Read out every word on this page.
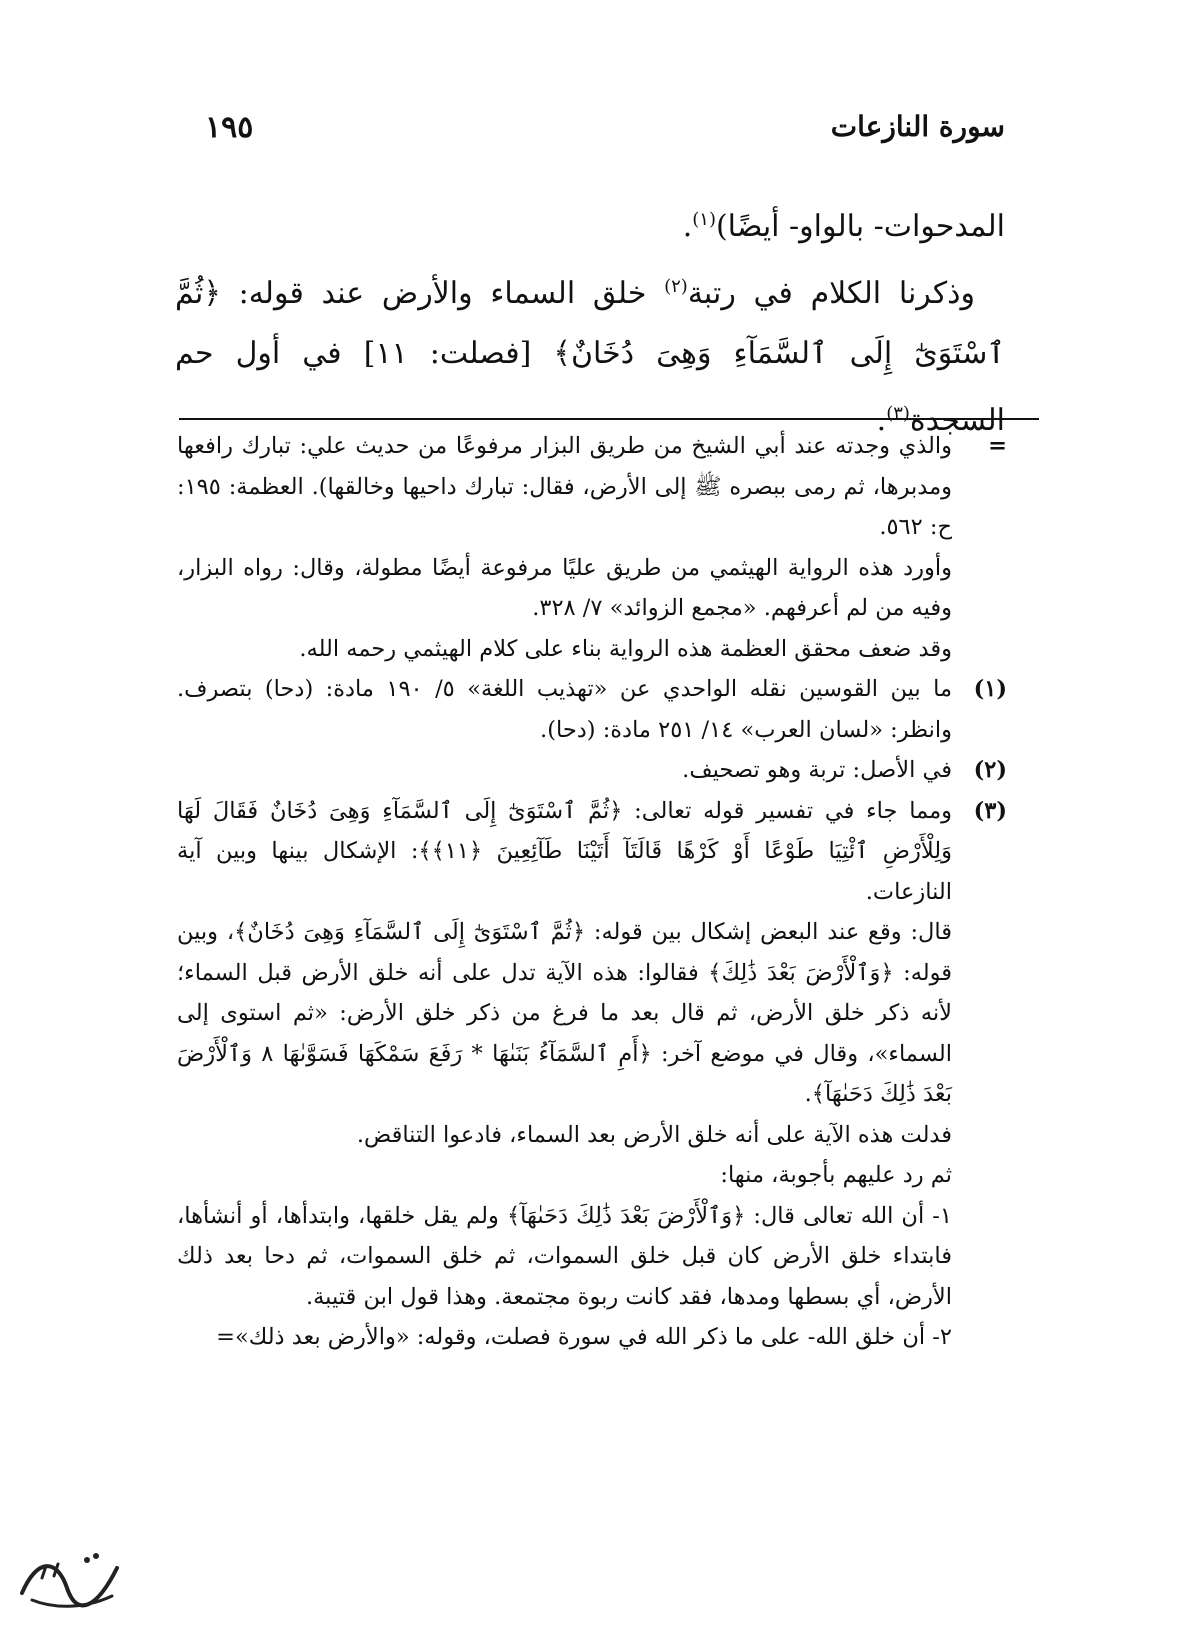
سورة النازعات
١٩٥

المدحوات- بالواو- أيضًا)$^{(١)}$.

وذكرنا الكلام في رتبة$^{(٢)}$ خلق السماء والأرض عند قوله: ﴿ثُمَّ ٱسْتَوَىٰٓ إِلَى ٱلسَّمَآءِ وَهِىَ دُخَانٌ﴾ [فصلت: ١١] في أول حم السجدة$^{(٣)}$.

=

والذي وجدته عند أبي الشيخ من طريق البزار مرفوعًا من حديث علي: تبارك رافعها ومدبرها، ثم رمى ببصره ﷺ إلى الأرض، فقال: تبارك داحيها وخالقها). العظمة: ١٩٥: ح: ٥٦٢.

وأورد هذه الرواية الهيثمي من طريق عليًا مرفوعة أيضًا مطولة، وقال: رواه البزار، وفيه من لم أعرفهم. «مجمع الزوائد» ٧/ ٣٢٨.

وقد ضعف محقق العظمة هذه الرواية بناء على كلام الهيثمي رحمه الله.

(١)

ما بين القوسين نقله الواحدي عن «تهذيب اللغة» ٥/ ١٩٠ مادة: (دحا) بتصرف. وانظر: «لسان العرب» ١٤/ ٢٥١ مادة: (دحا).

(٢)

في الأصل: تربة وهو تصحيف.

(٣)

ومما جاء في تفسير قوله تعالى: ﴿ثُمَّ ٱسْتَوَىٰٓ إِلَى ٱلسَّمَآءِ وَهِىَ دُخَانٌ فَقَالَ لَهَا وَلِلْأَرْضِ ٱئْتِيَا طَوْعًا أَوْ كَرْهًا قَالَتَآ أَتَيْنَا طَآئِعِينَ ﴿١١﴾﴾: الإشكال بينها وبين آية النازعات.

قال: وقع عند البعض إشكال بين قوله: ﴿ثُمَّ ٱسْتَوَىٰٓ إِلَى ٱلسَّمَآءِ وَهِىَ دُخَانٌ﴾، وبين قوله: ﴿وَٱلْأَرْضَ بَعْدَ ذَٰلِكَ﴾ فقالوا: هذه الآية تدل على أنه خلق الأرض قبل السماء؛ لأنه ذكر خلق الأرض، ثم قال بعد ما فرغ من ذكر خلق الأرض: «ثم استوى إلى السماء»، وقال في موضع آخر: ﴿أَمِ ٱلسَّمَآءُ بَنَىٰهَا * رَفَعَ سَمْكَهَا فَسَوَّىٰهَا ٨ وَٱلْأَرْضَ بَعْدَ ذَٰلِكَ دَحَىٰهَآ﴾.

فدلت هذه الآية على أنه خلق الأرض بعد السماء، فادعوا التناقض.

ثم رد عليهم بأجوبة، منها:

١- أن الله تعالى قال: ﴿وَٱلْأَرْضَ بَعْدَ ذَٰلِكَ دَحَىٰهَآ﴾ ولم يقل خلقها، وابتدأها، أو أنشأها، فابتداء خلق الأرض كان قبل خلق السموات، ثم خلق السموات، ثم دحا بعد ذلك الأرض، أي بسطها ومدها، فقد كانت ربوة مجتمعة. وهذا قول ابن قتيبة.

٢- أن خلق الله- على ما ذكر الله في سورة فصلت، وقوله: «والأرض بعد ذلك»=
